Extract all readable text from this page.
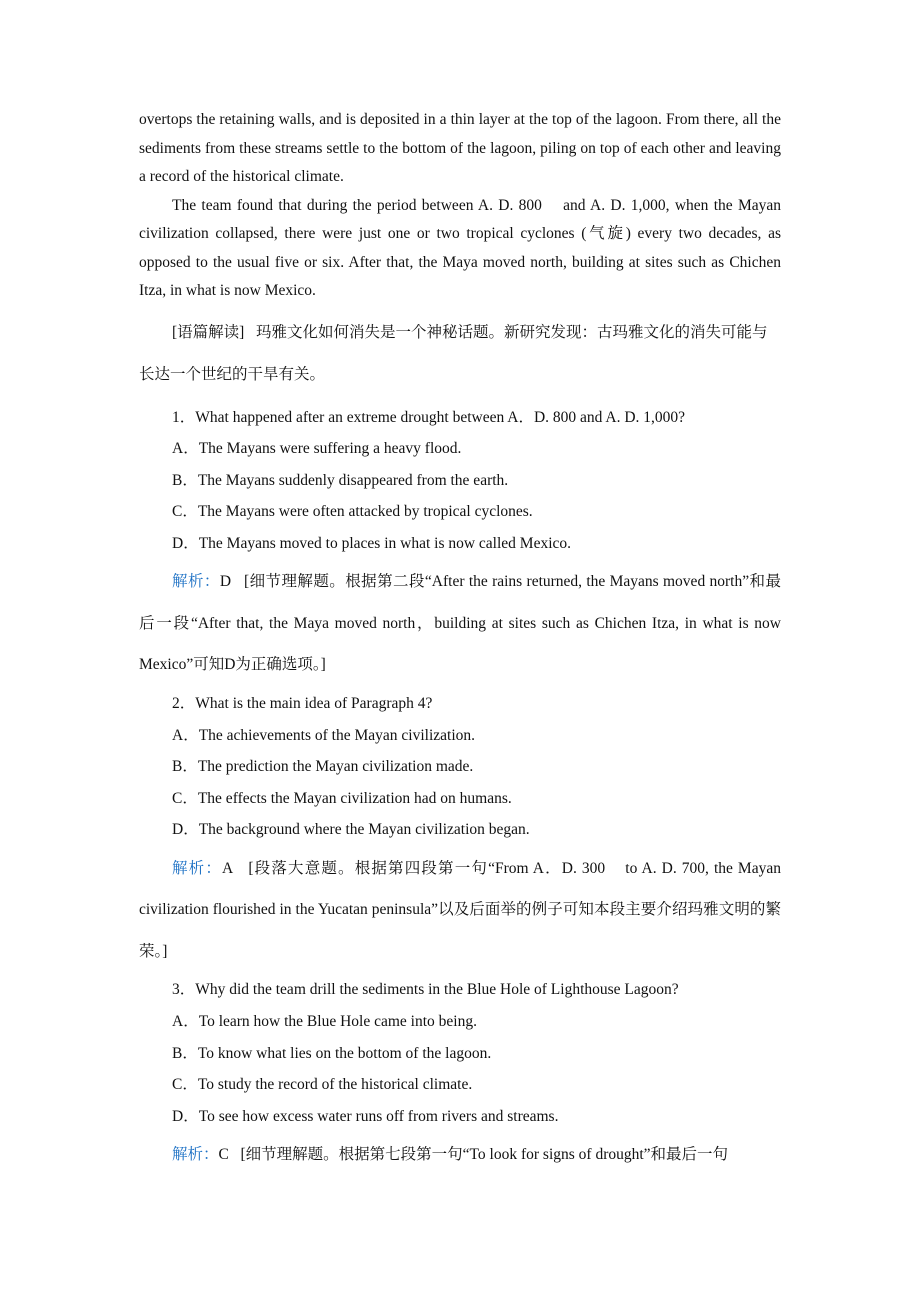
overtops the retaining walls, and is deposited in a thin layer at the top of the lagoon. From there, all the sediments from these streams settle to the bottom of the lagoon, piling on top of each other and leaving a record of the historical climate.

The team found that during the period between A. D. 800    and A. D. 1,000, when the Mayan civilization collapsed, there were just one or two tropical cyclones (气旋) every two decades, as opposed to the usual five or six. After that, the Maya moved north, building at sites such as Chichen Itza, in what is now Mexico.

[语篇解读] 玛雅文化如何消失是一个神秘话题。新研究发现：古玛雅文化的消失可能与长达一个世纪的干旱有关。

1．What happened after an extreme drought between A．D. 800 and A. D. 1,000?

A．The Mayans were suffering a heavy flood.

B．The Mayans suddenly disappeared from the earth.

C．The Mayans were often attacked by tropical cyclones.

D．The Mayans moved to places in what is now called Mexico.

解析：D   [细节理解题。根据第二段“After the rains returned, the Mayans moved north”和最后一段“After that, the Maya moved north，building at sites such as Chichen Itza, in what is now Mexico”可知D为正确选项。]

2．What is the main idea of Paragraph 4?

A．The achievements of the Mayan civilization.

B．The prediction the Mayan civilization made.

C．The effects the Mayan civilization had on humans.

D．The background where the Mayan civilization began.

解析：A   [段落大意题。根据第四段第一句“From A．D. 300    to A. D. 700, the Mayan civilization flourished in the Yucatan peninsula”以及后面举的例子可知本段主要介绍玛雅文明的繁荣。]

3．Why did the team drill the sediments in the Blue Hole of Lighthouse Lagoon?

A．To learn how the Blue Hole came into being.

B．To know what lies on the bottom of the lagoon.

C．To study the record of the historical climate.

D．To see how excess water runs off from rivers and streams.

解析：C   [细节理解题。根据第七段第一句“To look for signs of drought”和最后一句
